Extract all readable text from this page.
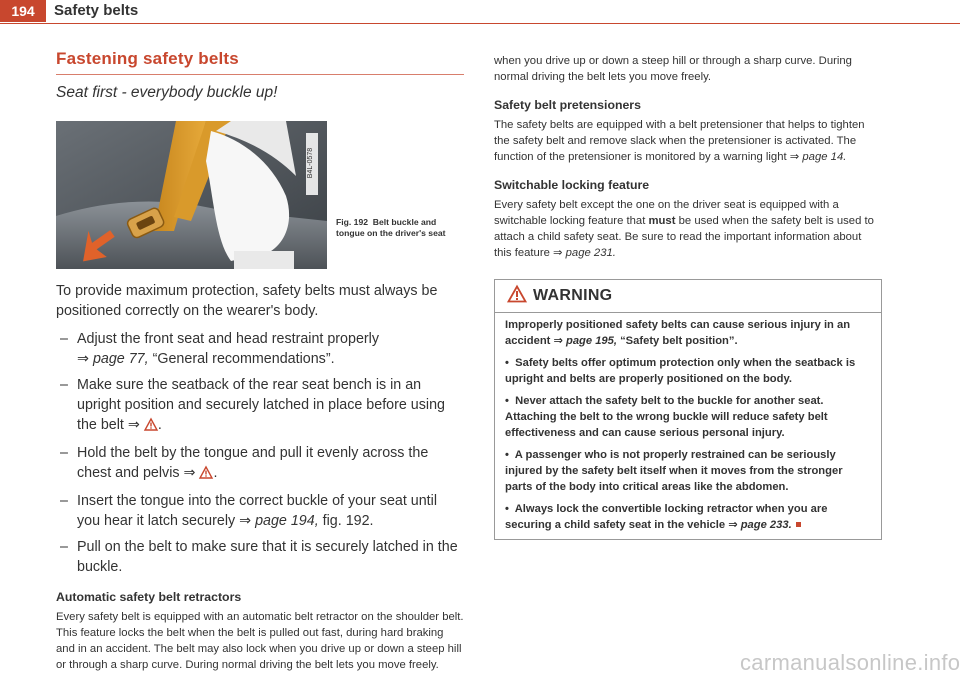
194	Safety belts
Fastening safety belts
Seat first - everybody buckle up!
B4L-0578
Fig. 192 Belt buckle and tongue on the driver's seat

To provide maximum protection, safety belts must always be positioned correctly on the wearer's body.

– Adjust the front seat and head restraint properly
⇒ page 77, “General recommendations”.
– Make sure the seatback of the rear seat bench is in an upright position and securely latched in place before using the belt ⇒ .
– Hold the belt by the tongue and pull it evenly across the chest and pelvis ⇒ .
– Insert the tongue into the correct buckle of your seat until you hear it latch securely ⇒ page 194, fig. 192.
– Pull on the belt to make sure that it is securely latched in the buckle.
Automatic safety belt retractors

Every safety belt is equipped with an automatic belt retractor on the shoulder belt. This feature locks the belt when the belt is pulled out fast, during hard braking and in an accident. The belt may also lock when you drive up or down a steep hill or through a sharp curve. During normal driving the belt lets you move freely.

when you drive up or down a steep hill or through a sharp curve. During normal driving the belt lets you move freely.

Safety belt pretensioners

The safety belts are equipped with a belt pretensioner that helps to tighten the safety belt and remove slack when the pretensioner is activated. The function of the pretensioner is monitored by a warning light ⇒ page 14.

Switchable locking feature

Every safety belt except the one on the driver seat is equipped with a switchable locking feature that must be used when the safety belt is used to attach a child safety seat. Be sure to read the important information about this feature ⇒ page 231.

WARNING

Improperly positioned safety belts can cause serious injury in an accident ⇒ page 195, “Safety belt position”.

•  Safety belts offer optimum protection only when the seatback is upright and belts are properly positioned on the body.

•  Never attach the safety belt to the buckle for another seat. Attaching the belt to the wrong buckle will reduce safety belt effectiveness and can cause serious personal injury.

•  A passenger who is not properly restrained can be seriously injured by the safety belt itself when it moves from the stronger parts of the body into critical areas like the abdomen.

•  Always lock the convertible locking retractor when you are securing a child safety seat in the vehicle ⇒ page 233.

carmanualsonline.info
